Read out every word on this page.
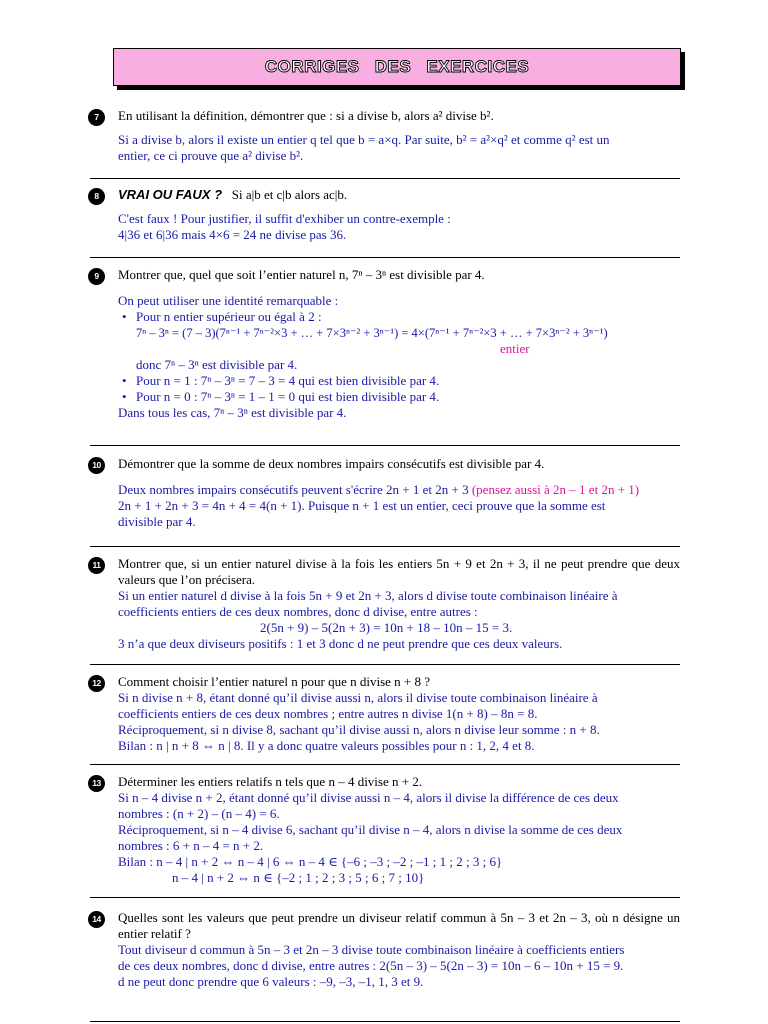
CORRIGES DES EXERCICES
7	En utilisant la définition, démontrer que : si a divise b, alors a² divise b².
Si a divise b, alors il existe un entier q tel que b = a×q. Par suite, b² = a²×q² et comme q² est un
entier, ce ci prouve que a² divise b².
8	VRAI OU FAUX ? Si a|b et c|b alors ac|b.
C'est faux ! Pour justifier, il suffit d'exhiber un contre-exemple :
4|36 et 6|36 mais 4×6 = 24 ne divise pas 36.
9	Montrer que, quel que soit l’entier naturel n, 7ⁿ – 3ⁿ est divisible par 4.
On peut utiliser une identité remarquable :
• Pour n entier supérieur ou égal à 2 :
7ⁿ – 3ⁿ = (7 – 3)(7ⁿ⁻¹ + 7ⁿ⁻²×3 + … + 7×3ⁿ⁻² + 3ⁿ⁻¹) = 4×(7ⁿ⁻¹ + 7ⁿ⁻²×3 + … + 7×3ⁿ⁻² + 3ⁿ⁻¹)
entier
donc 7ⁿ – 3ⁿ est divisible par 4.
• Pour n = 1 : 7ⁿ – 3ⁿ = 7 – 3 = 4 qui est bien divisible par 4.
• Pour n = 0 : 7ⁿ – 3ⁿ = 1 – 1 = 0 qui est bien divisible par 4.
Dans tous les cas, 7ⁿ – 3ⁿ est divisible par 4.
10	Démontrer que la somme de deux nombres impairs consécutifs est divisible par 4.
Deux nombres impairs consécutifs peuvent s'écrire 2n + 1 et 2n + 3 (pensez aussi à 2n – 1 et 2n + 1)
2n + 1 + 2n + 3 = 4n + 4 = 4(n + 1). Puisque n + 1 est un entier, ceci prouve que la somme est
divisible par 4.
11	Montrer que, si un entier naturel divise à la fois les entiers 5n + 9 et 2n + 3, il ne peut prendre que deux valeurs que l’on précisera.
Si un entier naturel d divise à la fois 5n + 9 et 2n + 3, alors d divise toute combinaison linéaire à
coefficients entiers de ces deux nombres, donc d divise, entre autres :
2(5n + 9) – 5(2n + 3) = 10n + 18 – 10n – 15 = 3.
3 n’a que deux diviseurs positifs : 1 et 3 donc d ne peut prendre que ces deux valeurs.
12	Comment choisir l’entier naturel n pour que n divise n + 8 ?
Si n divise n + 8, étant donné qu’il divise aussi n, alors il divise toute combinaison linéaire à
coefficients entiers de ces deux nombres ; entre autres n divise 1(n + 8) – 8n = 8.
Réciproquement, si n divise 8, sachant qu’il divise aussi n, alors n divise leur somme : n + 8.
Bilan : n | n + 8 ⇔ n | 8. Il y a donc quatre valeurs possibles pour n : 1, 2, 4 et 8.
13	Déterminer les entiers relatifs n tels que n – 4 divise n + 2.
Si n – 4 divise n + 2, étant donné qu’il divise aussi n – 4, alors il divise la différence de ces deux
nombres : (n + 2) – (n – 4) = 6.
Réciproquement, si n – 4 divise 6, sachant qu’il divise n – 4, alors n divise la somme de ces deux
nombres : 6 + n – 4 = n + 2.
Bilan : n – 4 | n + 2 ⇔ n – 4 | 6 ⇔ n – 4 ∈ {–6 ; –3 ; –2 ; –1 ; 1 ; 2 ; 3 ; 6}
n – 4 | n + 2 ⇔ n ∈ {–2 ; 1 ; 2 ; 3 ; 5 ; 6 ; 7 ; 10}
14	Quelles sont les valeurs que peut prendre un diviseur relatif commun à 5n – 3 et 2n – 3, où n désigne un entier relatif ?
Tout diviseur d commun à 5n – 3 et 2n – 3 divise toute combinaison linéaire à coefficients entiers
de ces deux nombres, donc d divise, entre autres : 2(5n – 3) – 5(2n – 3) = 10n – 6 – 10n + 15 = 9.
d ne peut donc prendre que 6 valeurs : –9, –3, –1, 1, 3 et 9.
